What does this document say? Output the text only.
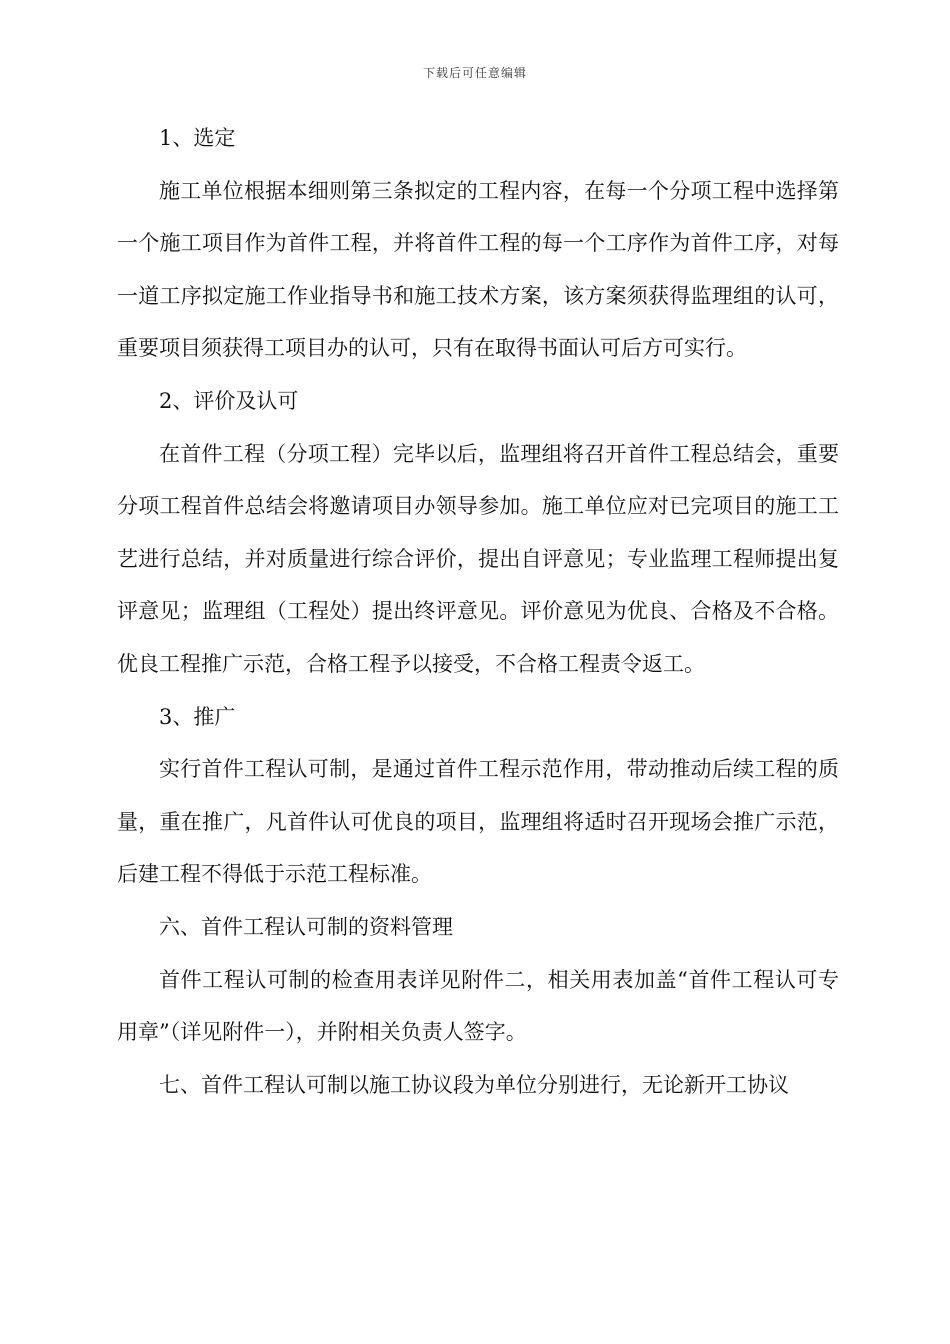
下载后可任意编辑

1、选定

施工单位根据本细则第三条拟定的工程内容，在每一个分项工程中选择第一个施工项目作为首件工程，并将首件工程的每一个工序作为首件工序，对每一道工序拟定施工作业指导书和施工技术方案，该方案须获得监理组的认可，重要项目须获得工项目办的认可，只有在取得书面认可后方可实行。

2、评价及认可

在首件工程（分项工程）完毕以后，监理组将召开首件工程总结会，重要分项工程首件总结会将邀请项目办领导参加。施工单位应对已完项目的施工工艺进行总结，并对质量进行综合评价，提出自评意见；专业监理工程师提出复评意见；监理组（工程处）提出终评意见。评价意见为优良、合格及不合格。优良工程推广示范，合格工程予以接受，不合格工程责令返工。

3、推广

实行首件工程认可制，是通过首件工程示范作用，带动推动后续工程的质量，重在推广，凡首件认可优良的项目，监理组将适时召开现场会推广示范，后建工程不得低于示范工程标准。

六、首件工程认可制的资料管理

首件工程认可制的检查用表详见附件二，相关用表加盖“首件工程认可专用章”（详见附件一），并附相关负责人签字。

七、首件工程认可制以施工协议段为单位分别进行，无论新开工协议
